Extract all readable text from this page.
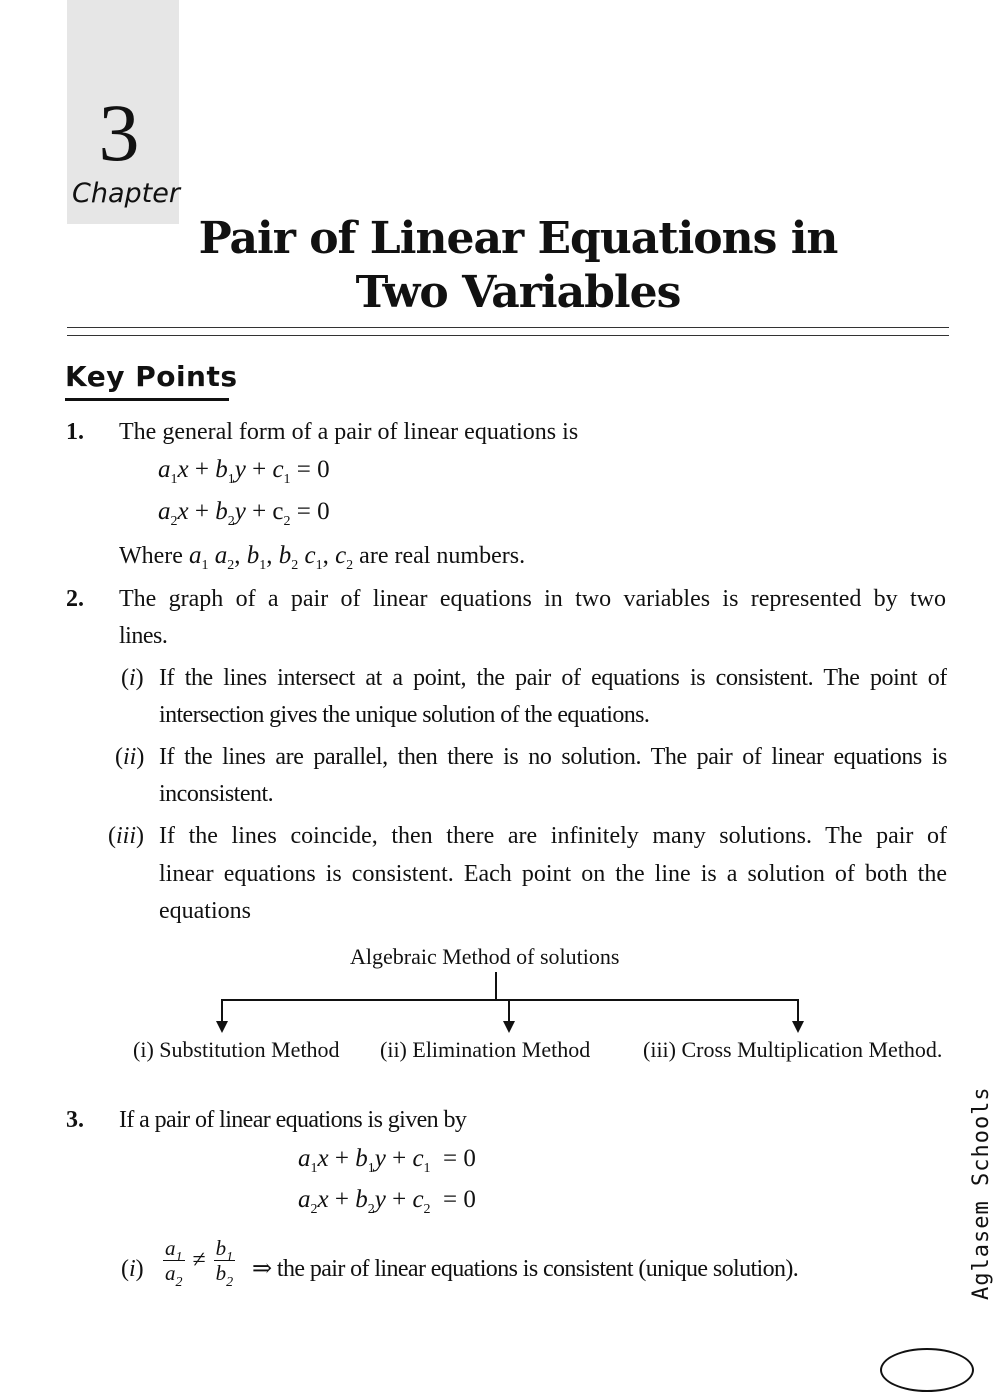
3
Chapter
Pair of Linear Equations in
Two Variables
Key Points
1. The general form of a pair of linear equations is
$a_1x + b_1y + c_1 = 0$
$a_2x + b_2y + c_2 = 0$
Where $a_1$ $a_2$, $b_1$, $b_2$ $c_1$, $c_2$ are real numbers.
2. The graph of a pair of linear equations in two variables is represented by two
lines.
(i) If the lines intersect at a point, the pair of equations is consistent. The point of
intersection gives the unique solution of the equations.
(ii) If the lines are parallel, then there is no solution. The pair of linear equations is
inconsistent.
(iii) If the lines coincide, then there are infinitely many solutions. The pair of
linear equations is consistent. Each point on the line is a solution of both the
equations
Algebraic Method of solutions
(i) Substitution Method (ii) Elimination Method (iii) Cross Multiplication Method.
3. If a pair of linear equations is given by
$a_1x + b_1y + c_1 = 0$
$a_2x + b_2y + c_2 = 0$
$(i) \frac{a_1}{a_2} \ne \frac{b_1}{b_2}$ ⇒ the pair of linear equations is consistent (unique solution).	Aglasem Schools
